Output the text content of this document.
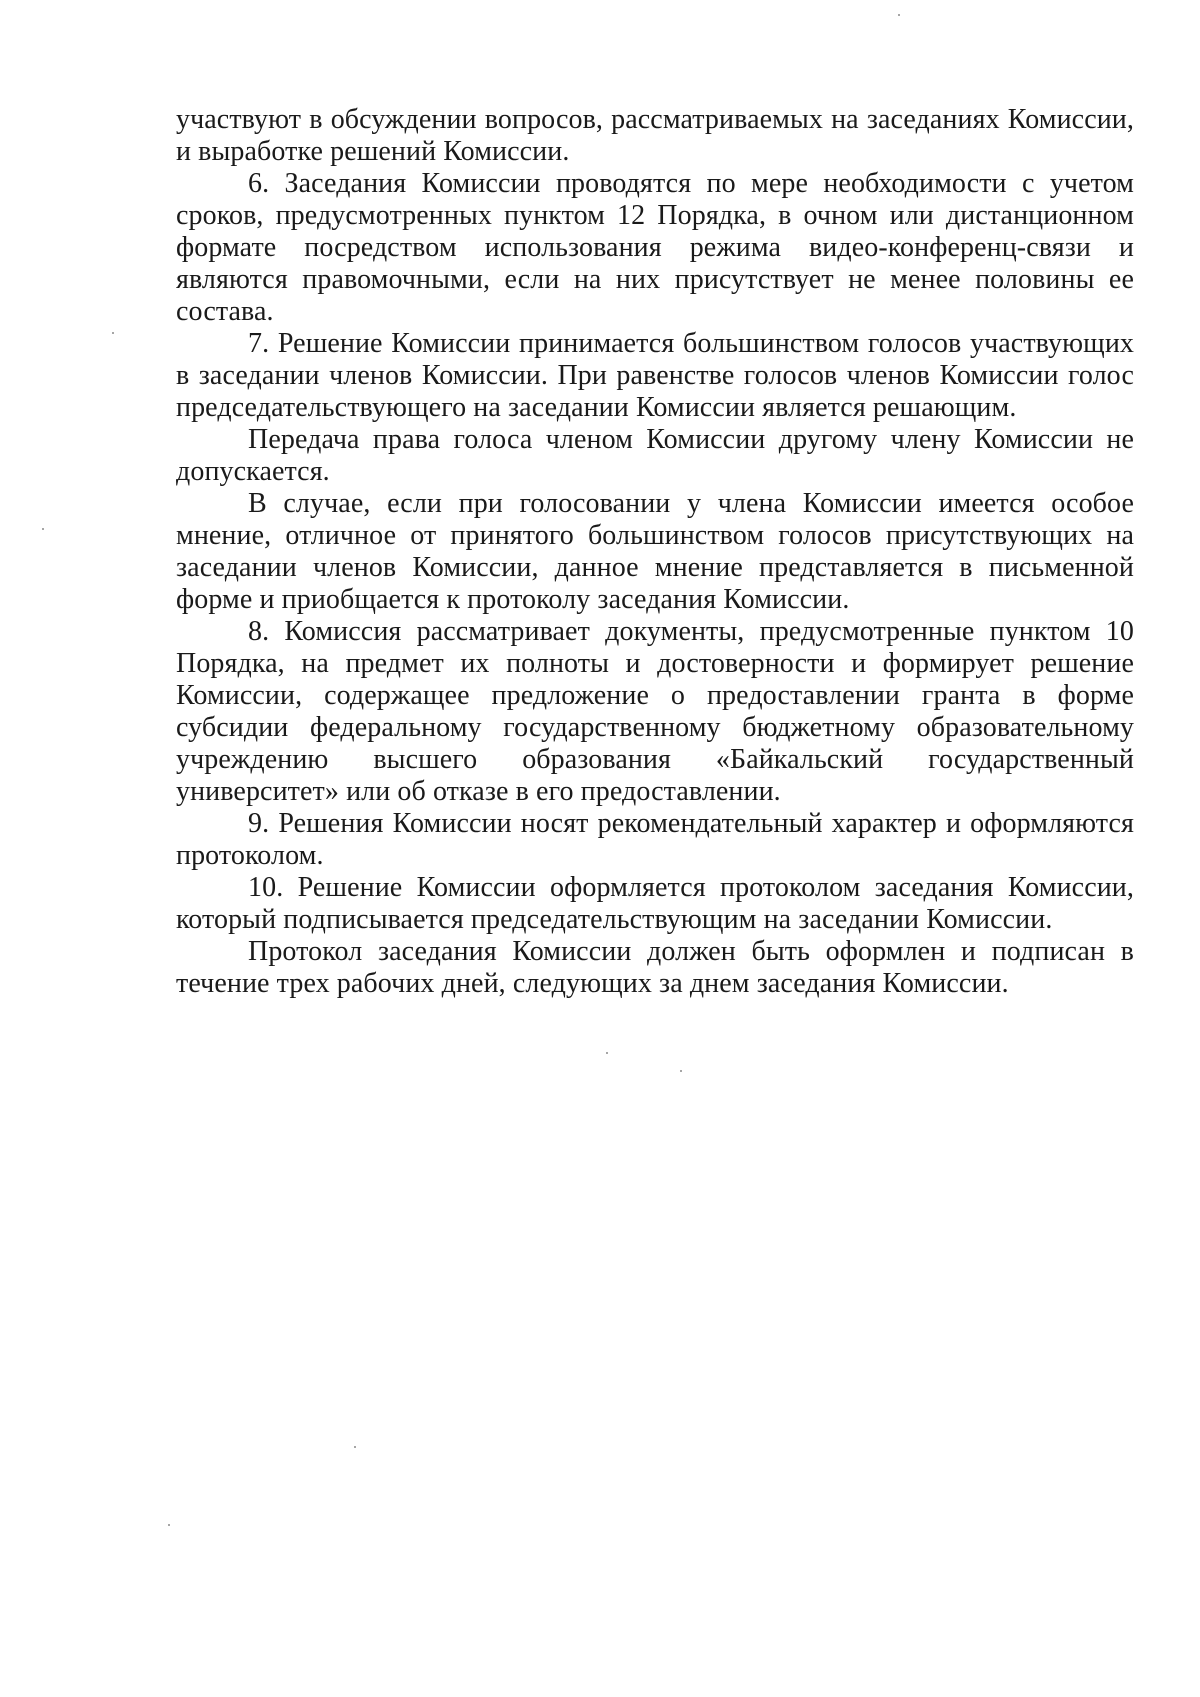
участвуют в обсуждении вопросов, рассматриваемых на заседаниях Комиссии, и выработке решений Комиссии.

6. Заседания Комиссии проводятся по мере необходимости с учетом сроков, предусмотренных пунктом 12 Порядка, в очном или дистанционном формате посредством использования режима видео-конференц-связи и являются правомочными, если на них присутствует не менее половины ее состава.

7. Решение Комиссии принимается большинством голосов участвующих в заседании членов Комиссии. При равенстве голосов членов Комиссии голос председательствующего на заседании Комиссии является решающим.

Передача права голоса членом Комиссии другому члену Комиссии не допускается.

В случае, если при голосовании у члена Комиссии имеется особое мнение, отличное от принятого большинством голосов присутствующих на заседании членов Комиссии, данное мнение представляется в письменной форме и приобщается к протоколу заседания Комиссии.

8. Комиссия рассматривает документы, предусмотренные пунктом 10 Порядка, на предмет их полноты и достоверности и формирует решение Комиссии, содержащее предложение о предоставлении гранта в форме субсидии федеральному государственному бюджетному образовательному учреждению высшего образования «Байкальский государственный университет» или об отказе в его предоставлении.

9. Решения Комиссии носят рекомендательный характер и оформляются протоколом.

10. Решение Комиссии оформляется протоколом заседания Комиссии, который подписывается председательствующим на заседании Комиссии.

Протокол заседания Комиссии должен быть оформлен и подписан в течение трех рабочих дней, следующих за днем заседания Комиссии.
